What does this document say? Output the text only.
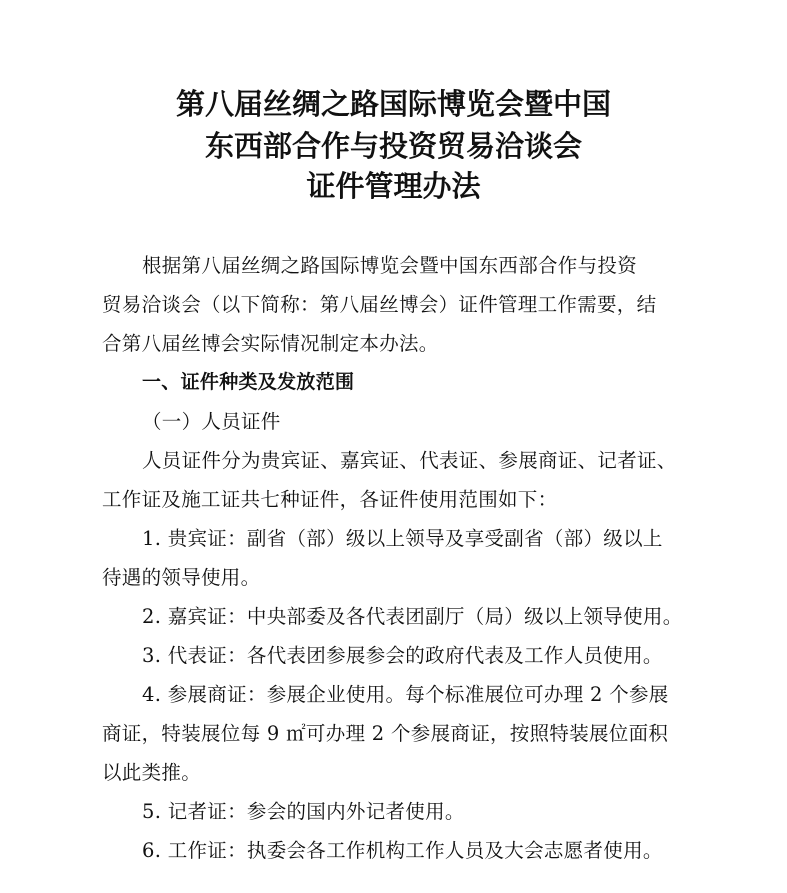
第八届丝绸之路国际博览会暨中国
东西部合作与投资贸易洽谈会
证件管理办法
根据第八届丝绸之路国际博览会暨中国东西部合作与投资
贸易洽谈会（以下简称：第八届丝博会）证件管理工作需要，结
合第八届丝博会实际情况制定本办法。
一、证件种类及发放范围
（一）人员证件
人员证件分为贵宾证、嘉宾证、代表证、参展商证、记者证、
工作证及施工证共七种证件，各证件使用范围如下：
1. 贵宾证：副省（部）级以上领导及享受副省（部）级以上
待遇的领导使用。
2. 嘉宾证：中央部委及各代表团副厅（局）级以上领导使用。
3. 代表证：各代表团参展参会的政府代表及工作人员使用。
4. 参展商证：参展企业使用。每个标准展位可办理 2 个参展
商证，特装展位每 9 ㎡可办理 2 个参展商证，按照特装展位面积
以此类推。
5. 记者证：参会的国内外记者使用。
6. 工作证：执委会各工作机构工作人员及大会志愿者使用。
